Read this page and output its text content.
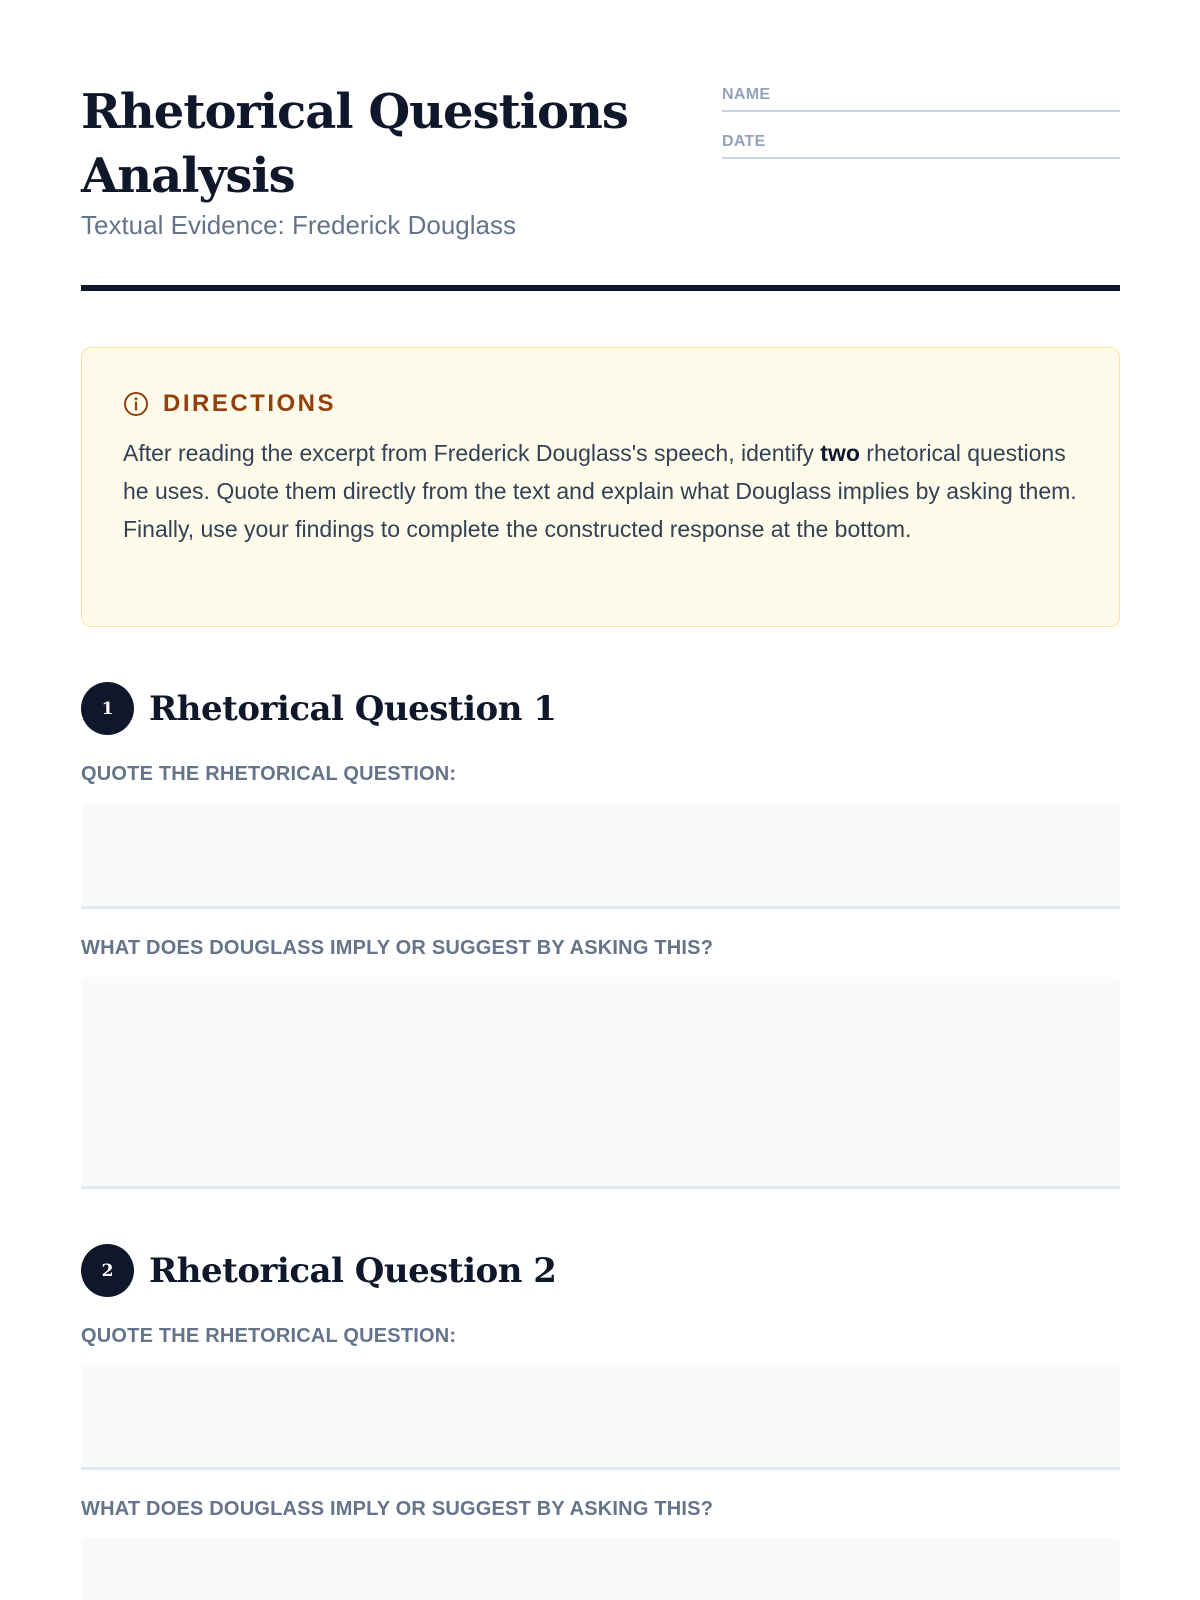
Rhetorical Questions Analysis

Textual Evidence: Frederick Douglass

NAME
DATE
DIRECTIONS
After reading the excerpt from Frederick Douglass's speech, identify two rhetorical questions he uses. Quote them directly from the text and explain what Douglass implies by asking them. Finally, use your findings to complete the constructed response at the bottom.
1	Rhetorical Question 1
QUOTE THE RHETORICAL QUESTION:
WHAT DOES DOUGLASS IMPLY OR SUGGEST BY ASKING THIS?
2	Rhetorical Question 2
QUOTE THE RHETORICAL QUESTION:
WHAT DOES DOUGLASS IMPLY OR SUGGEST BY ASKING THIS?
